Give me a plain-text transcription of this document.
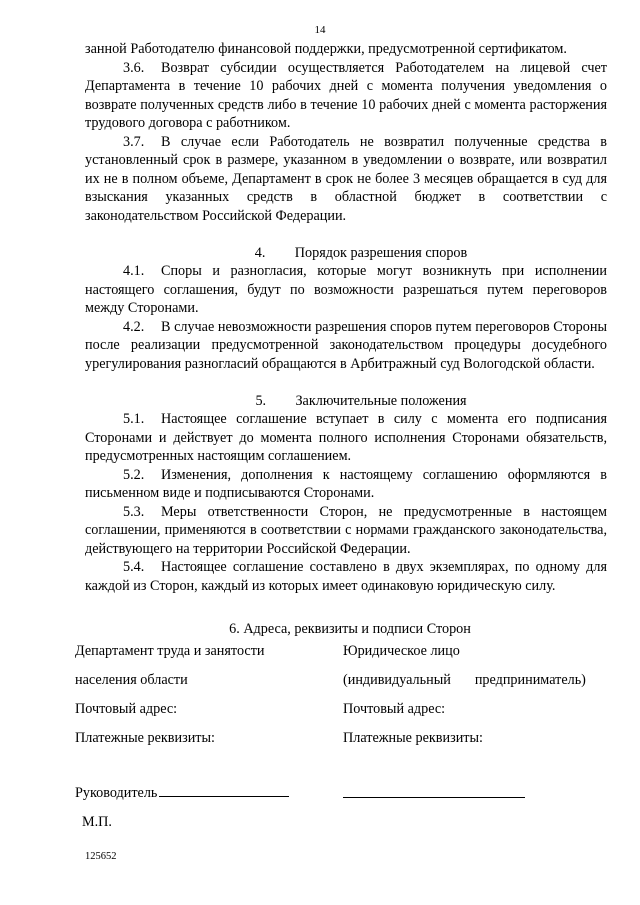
14

занной Работодателю финансовой поддержки, предусмотренной сертификатом.

3.6. Возврат субсидии осуществляется Работодателем на лицевой счет Департамента в течение 10 рабочих дней с момента получения уведомления о возврате полученных средств либо в течение 10 рабочих дней с момента расторжения трудового договора с работником.

3.7. В случае если Работодатель не возвратил полученные средства в установленный срок в размере, указанном в уведомлении о возврате, или возвратил их не в полном объеме, Департамент в срок не более 3 месяцев обращается в суд для взыскания указанных средств в областной бюджет в соответствии с законодательством Российской Федерации.

4. Порядок разрешения споров

4.1. Споры и разногласия, которые могут возникнуть при исполнении настоящего соглашения, будут по возможности разрешаться путем переговоров между Сторонами.

4.2. В случае невозможности разрешения споров путем переговоров Стороны после реализации предусмотренной законодательством процедуры досудебного урегулирования разногласий обращаются в Арбитражный суд Вологодской области.

5. Заключительные положения

5.1. Настоящее соглашение вступает в силу с момента его подписания Сторонами и действует до момента полного исполнения Сторонами обязательств, предусмотренных настоящим соглашением.

5.2. Изменения, дополнения к настоящему соглашению оформляются в письменном виде и подписываются Сторонами.

5.3. Меры ответственности Сторон, не предусмотренные в настоящем соглашении, применяются в соответствии с нормами гражданского законодательства, действующего на территории Российской Федерации.

5.4. Настоящее соглашение составлено в двух экземплярах, по одному для каждой из Сторон, каждый из которых имеет одинаковую юридическую силу.

6. Адреса, реквизиты и подписи Сторон
Департамент труда и занятости
населения области
Почтовый адрес:
Платежные реквизиты:
Руководитель
М.П.
Юридическое лицо
(индивидуальный предприниматель)
Почтовый адрес:
Платежные реквизиты:
125652
